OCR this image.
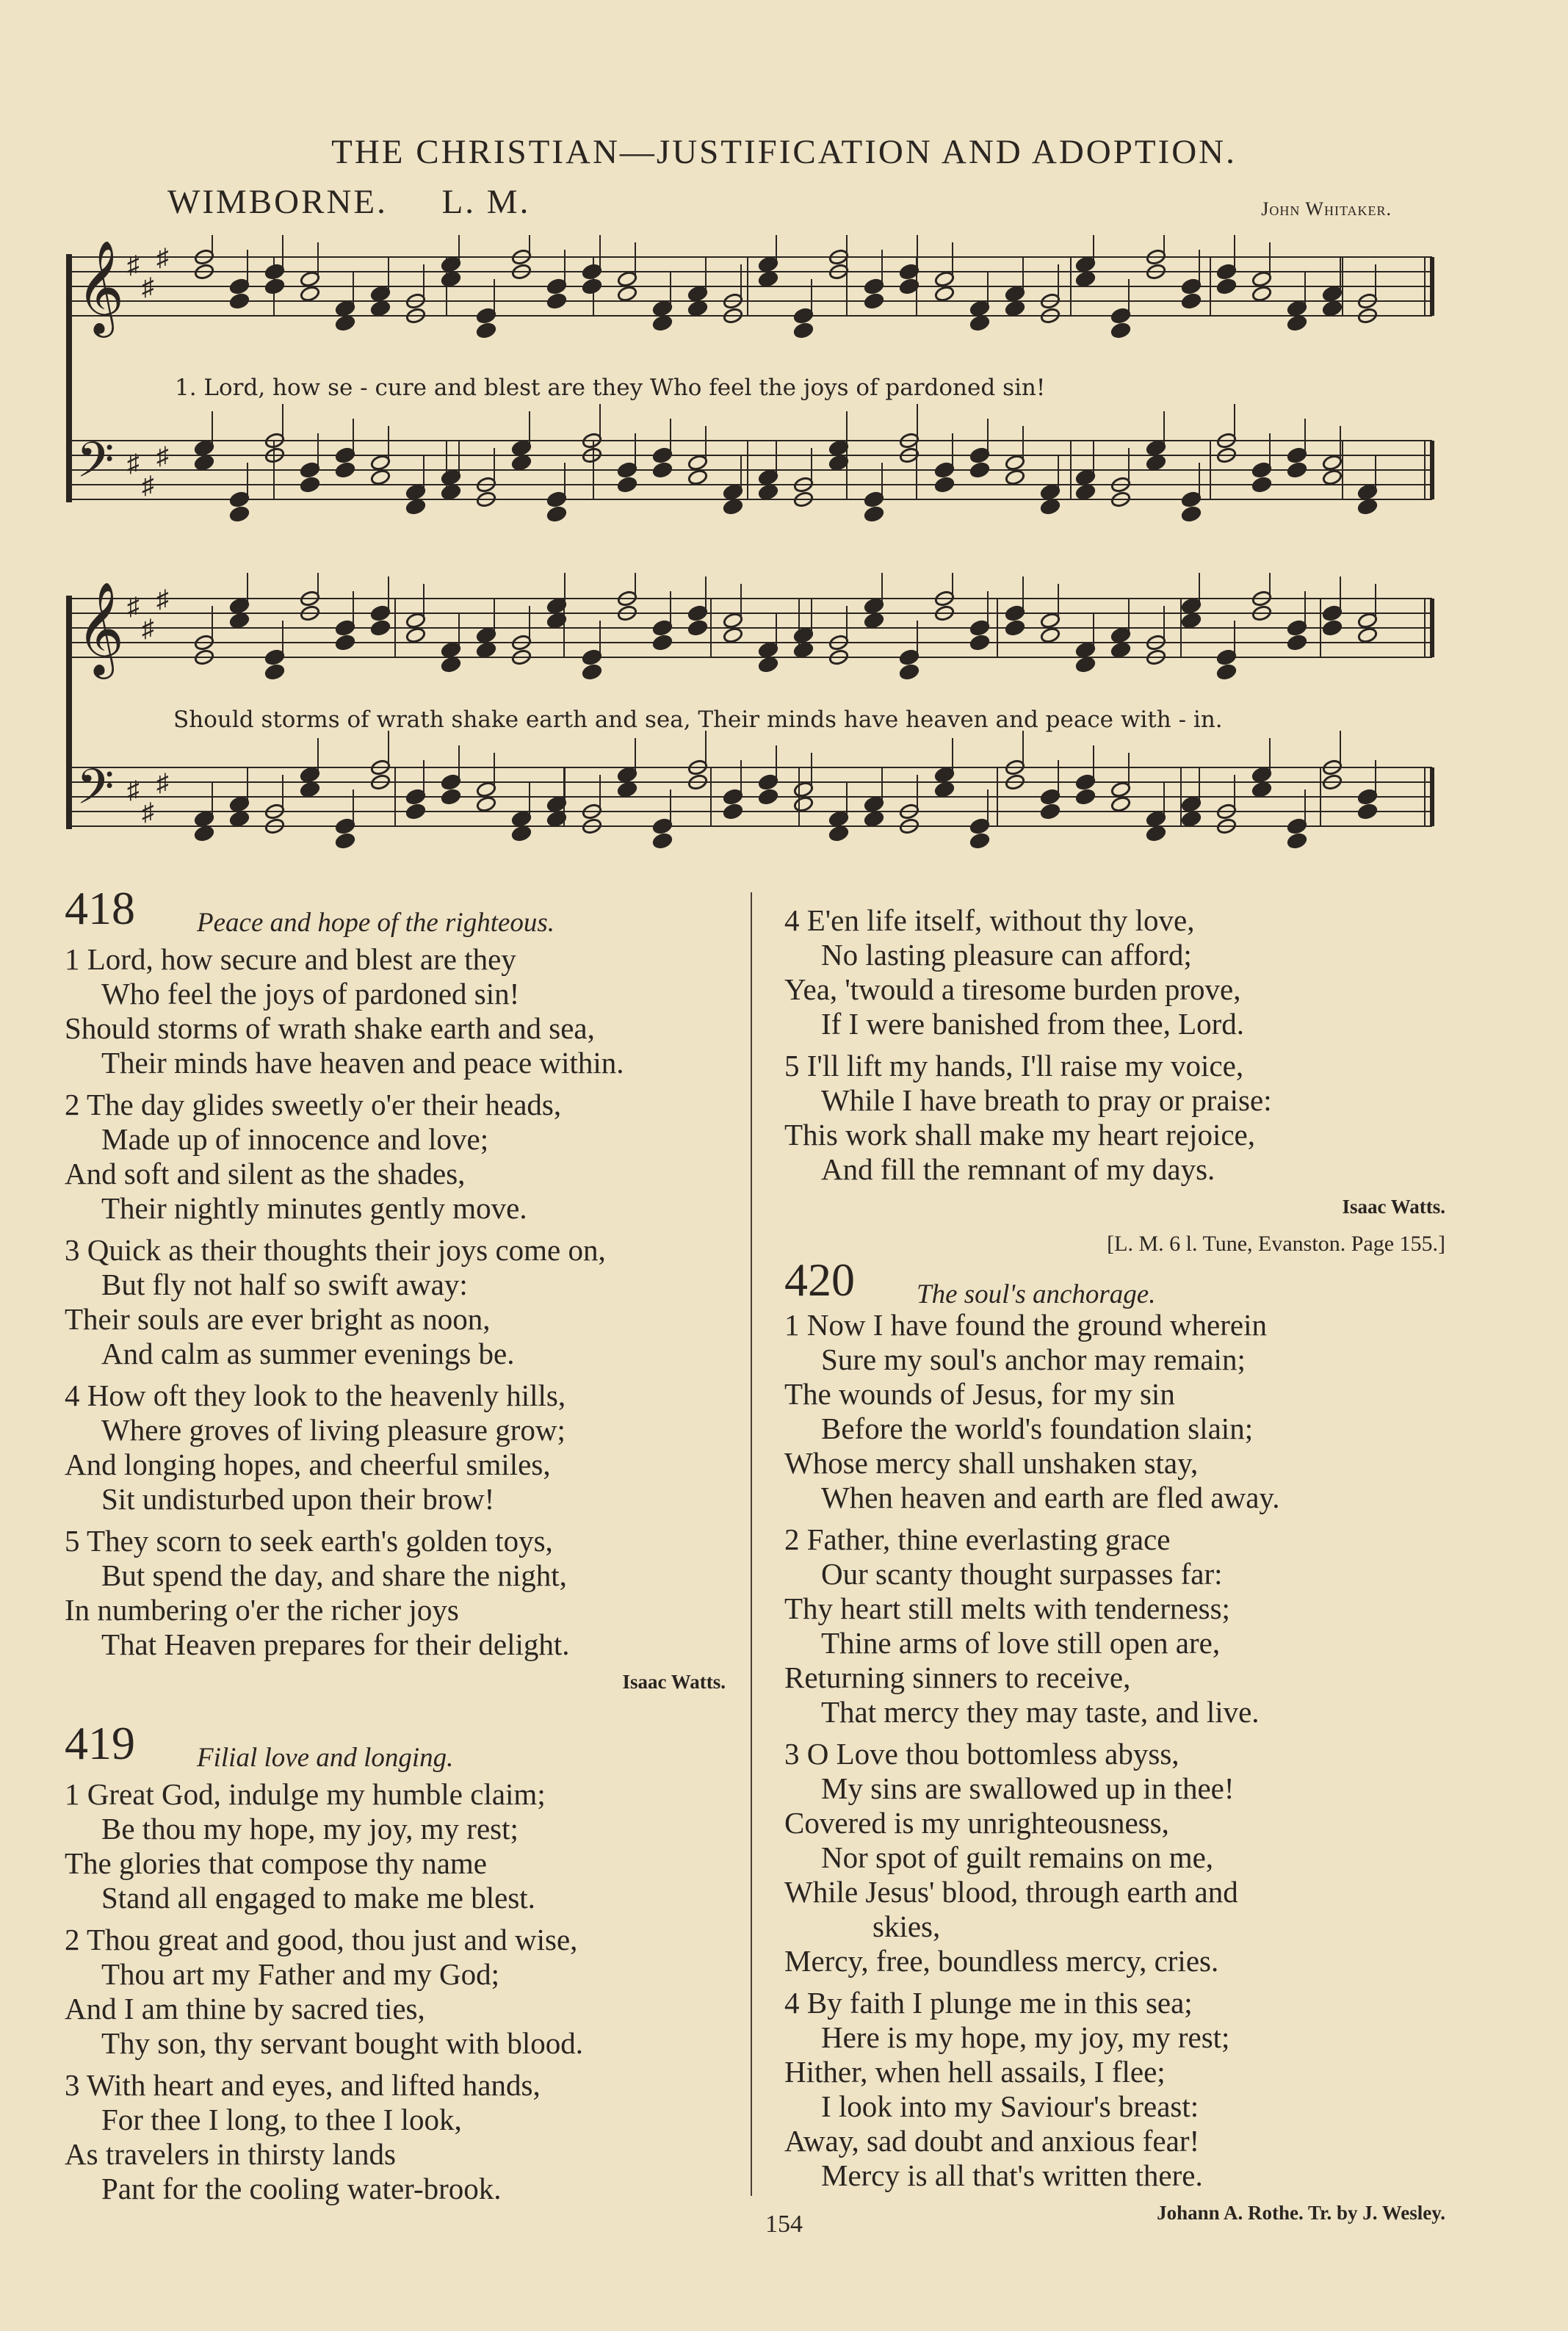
THE CHRISTIAN—JUSTIFICATION AND ADOPTION.
WIMBORNE. L. M.	John Whitaker.
𝄞 ♯
♯
♯
𝄢 ♯
♯
♯
1. Lord, how se - cure and blest are they Who feel the joys of pardoned sin!
𝄞 ♯
♯
♯
𝄢 ♯
♯
♯
Should storms of wrath shake earth and sea, Their minds have heaven and peace with - in.
418 Peace and hope of the righteous.
1 Lord, how secure and blest are they
Who feel the joys of pardoned sin!
Should storms of wrath shake earth and sea,
Their minds have heaven and peace within.
2 The day glides sweetly o'er their heads,
Made up of innocence and love;
And soft and silent as the shades,
Their nightly minutes gently move.
3 Quick as their thoughts their joys come on,
But fly not half so swift away:
Their souls are ever bright as noon,
And calm as summer evenings be.
4 How oft they look to the heavenly hills,
Where groves of living pleasure grow;
And longing hopes, and cheerful smiles,
Sit undisturbed upon their brow!
5 They scorn to seek earth's golden toys,
But spend the day, and share the night,
In numbering o'er the richer joys
That Heaven prepares for their delight.
Isaac Watts.
419 Filial love and longing.
1 Great God, indulge my humble claim;
Be thou my hope, my joy, my rest;
The glories that compose thy name
Stand all engaged to make me blest.
2 Thou great and good, thou just and wise,
Thou art my Father and my God;
And I am thine by sacred ties,
Thy son, thy servant bought with blood.
3 With heart and eyes, and lifted hands,
For thee I long, to thee I look,
As travelers in thirsty lands
Pant for the cooling water-brook.
4 E'en life itself, without thy love,
No lasting pleasure can afford;
Yea, 'twould a tiresome burden prove,
If I were banished from thee, Lord.
5 I'll lift my hands, I'll raise my voice,
While I have breath to pray or praise:
This work shall make my heart rejoice,
And fill the remnant of my days.
Isaac Watts.
[L. M. 6 l. Tune, Evanston. Page 155.]
420 The soul's anchorage.
1 Now I have found the ground wherein
Sure my soul's anchor may remain;
The wounds of Jesus, for my sin
Before the world's foundation slain;
Whose mercy shall unshaken stay,
When heaven and earth are fled away.
2 Father, thine everlasting grace
Our scanty thought surpasses far:
Thy heart still melts with tenderness;
Thine arms of love still open are,
Returning sinners to receive,
That mercy they may taste, and live.
3 O Love thou bottomless abyss,
My sins are swallowed up in thee!
Covered is my unrighteousness,
Nor spot of guilt remains on me,
While Jesus' blood, through earth and
skies,
Mercy, free, boundless mercy, cries.
4 By faith I plunge me in this sea;
Here is my hope, my joy, my rest;
Hither, when hell assails, I flee;
I look into my Saviour's breast:
Away, sad doubt and anxious fear!
Mercy is all that's written there.
Johann A. Rothe. Tr. by J. Wesley.
154
